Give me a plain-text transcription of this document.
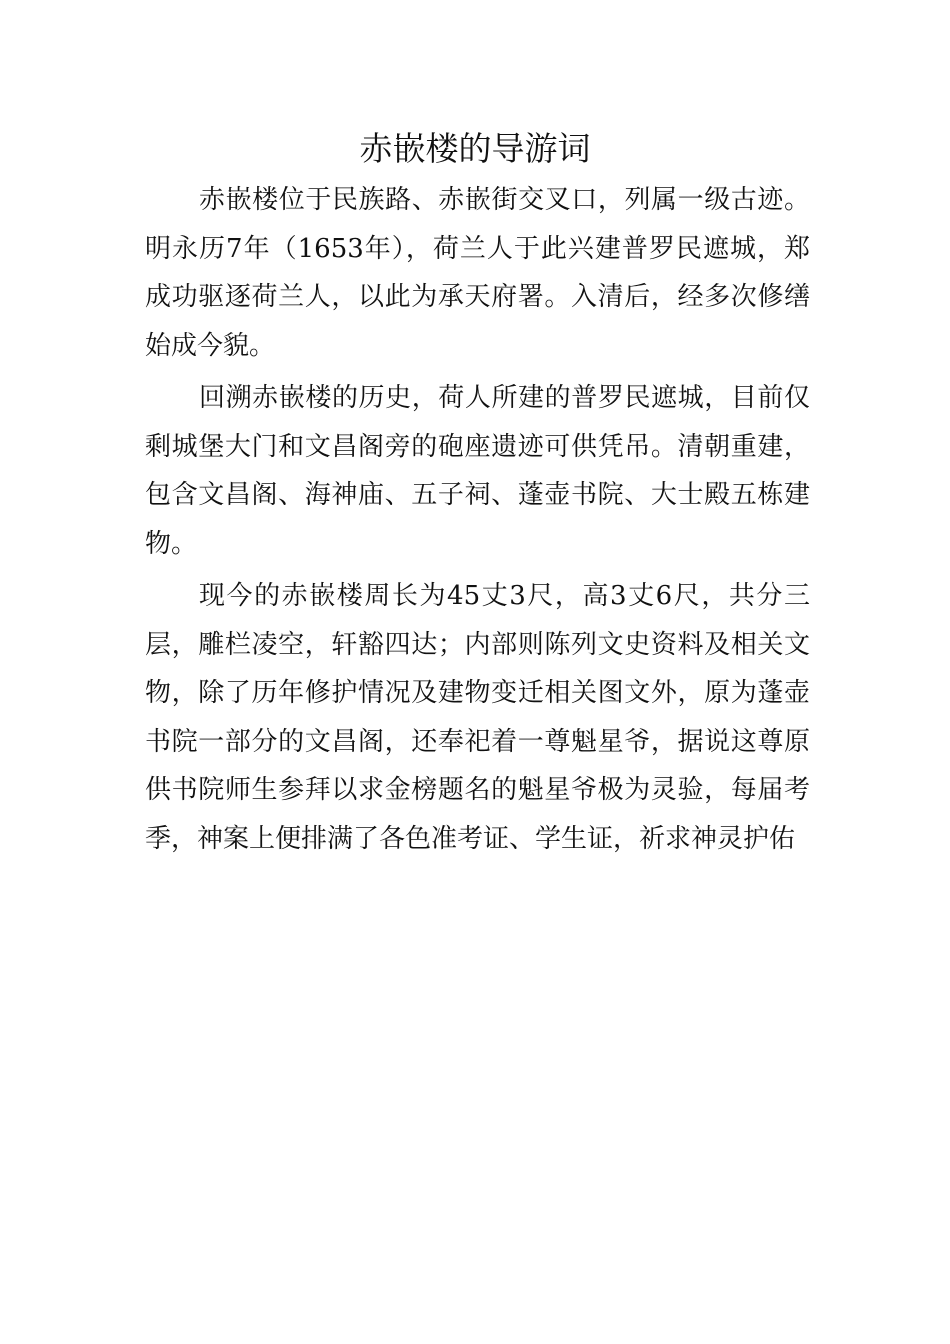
赤嵌楼的导游词

赤嵌楼位于民族路、赤嵌街交叉口，列属一级古迹。明永历7年（1653年），荷兰人于此兴建普罗民遮城，郑成功驱逐荷兰人，以此为承天府署。入清后，经多次修缮始成今貌。

回溯赤嵌楼的历史，荷人所建的普罗民遮城，目前仅剩城堡大门和文昌阁旁的砲座遗迹可供凭吊。清朝重建，包含文昌阁、海神庙、五子祠、蓬壶书院、大士殿五栋建物。

现今的赤嵌楼周长为45丈3尺，高3丈6尺，共分三层，雕栏凌空，轩豁四达；内部则陈列文史资料及相关文物，除了历年修护情况及建物变迁相关图文外，原为蓬壶书院一部分的文昌阁，还奉祀着一尊魁星爷，据说这尊原供书院师生参拜以求金榜题名的魁星爷极为灵验，每届考季，神案上便排满了各色准考证、学生证，祈求神灵护佑
